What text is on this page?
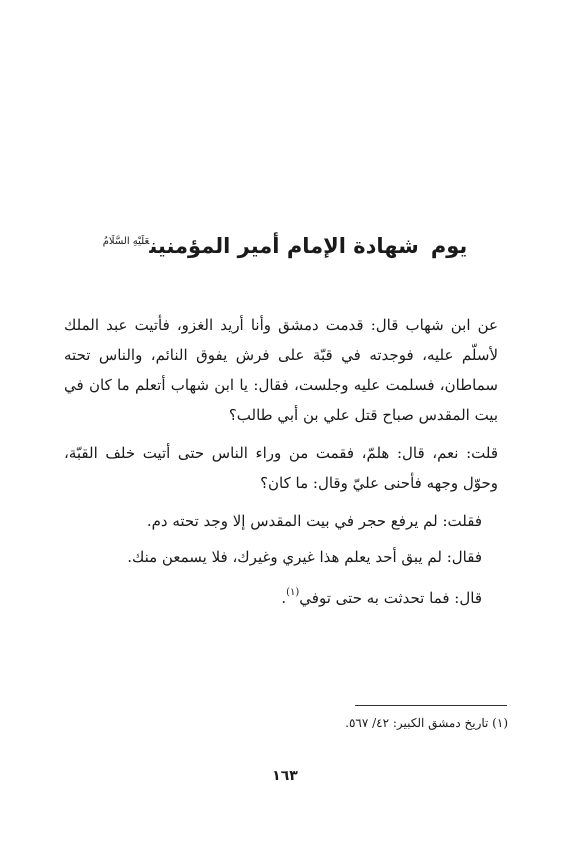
يومشهادة الإمام أمير المؤمنين$^{عَلَيْهِ السَّلَامُ}$

عن ابن شهاب قال: قدمت دمشق وأنا أريد الغزو، فأتيت عبد الملك لأسلّم عليه، فوجدته في قبّة على فرش يفوق النائم، والناس تحته سماطان، فسلمت عليه وجلست، فقال: يا ابن شهاب أتعلم ما كان في بيت المقدس صباح قتل علي بن أبي طالب؟

قلت: نعم، قال: هلمّ، فقمت من وراء الناس حتى أتيت خلف القبّة، وحوّل وجهه فأحنى عليّ وقال: ما كان؟

فقلت: لم يرفع حجر في بيت المقدس إلا وجد تحته دم.

فقال: لم يبق أحد يعلم هذا غيري وغيرك، فلا يسمعن منك.

قال: فما تحدثت به حتى توفي$^{(١)}$.

(١) تاريخ دمشق الكبير: ٤٢/ ٥٦٧.
١٦٣
